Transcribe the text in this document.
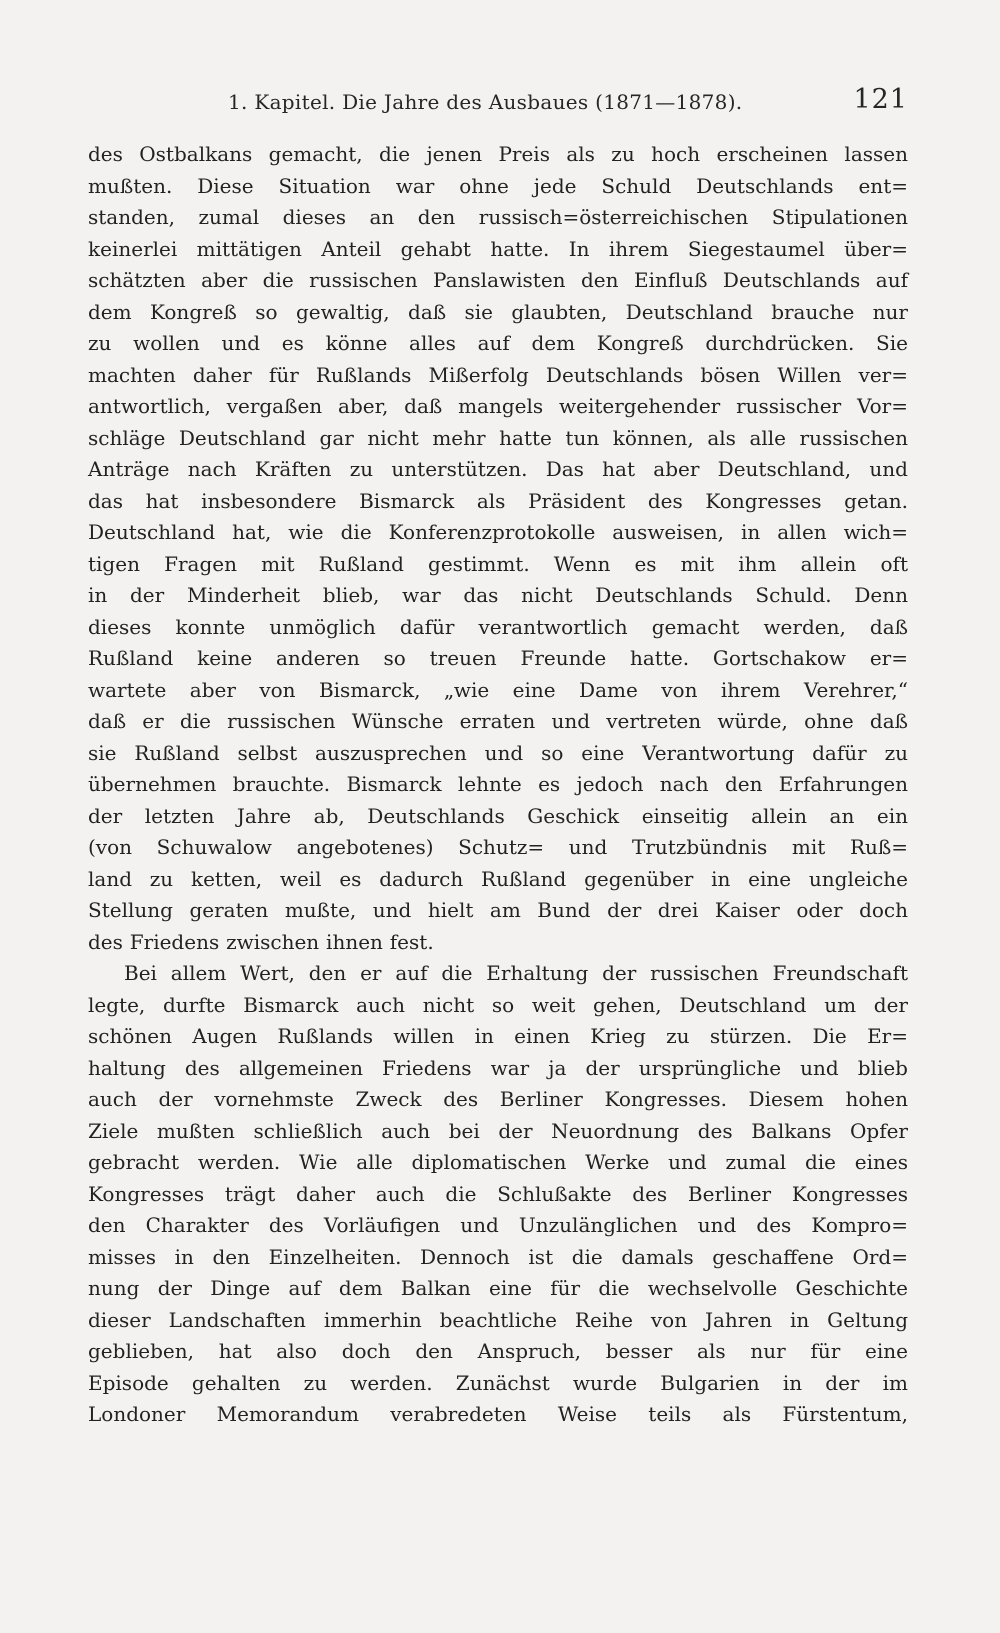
1. Kapitel. Die Jahre des Ausbaues (1871—1878).	121
des Ostbalkans gemacht, die jenen Preis als zu hoch erscheinen lassen
mußten. Diese Situation war ohne jede Schuld Deutschlands ent=
standen, zumal dieses an den russisch=österreichischen Stipulationen
keinerlei mittätigen Anteil gehabt hatte. In ihrem Siegestaumel über=
schätzten aber die russischen Panslawisten den Einfluß Deutschlands auf
dem Kongreß so gewaltig, daß sie glaubten, Deutschland brauche nur
zu wollen und es könne alles auf dem Kongreß durchdrücken. Sie
machten daher für Rußlands Mißerfolg Deutschlands bösen Willen ver=
antwortlich, vergaßen aber, daß mangels weitergehender russischer Vor=
schläge Deutschland gar nicht mehr hatte tun können, als alle russischen
Anträge nach Kräften zu unterstützen. Das hat aber Deutschland, und
das hat insbesondere Bismarck als Präsident des Kongresses getan.
Deutschland hat, wie die Konferenzprotokolle ausweisen, in allen wich=
tigen Fragen mit Rußland gestimmt. Wenn es mit ihm allein oft
in der Minderheit blieb, war das nicht Deutschlands Schuld. Denn
dieses konnte unmöglich dafür verantwortlich gemacht werden, daß
Rußland keine anderen so treuen Freunde hatte. Gortschakow er=
wartete aber von Bismarck, „wie eine Dame von ihrem Verehrer,“
daß er die russischen Wünsche erraten und vertreten würde, ohne daß
sie Rußland selbst auszusprechen und so eine Verantwortung dafür zu
übernehmen brauchte. Bismarck lehnte es jedoch nach den Erfahrungen
der letzten Jahre ab, Deutschlands Geschick einseitig allein an ein
(von Schuwalow angebotenes) Schutz= und Trutzbündnis mit Ruß=
land zu ketten, weil es dadurch Rußland gegenüber in eine ungleiche
Stellung geraten mußte, und hielt am Bund der drei Kaiser oder doch
des Friedens zwischen ihnen fest.
Bei allem Wert, den er auf die Erhaltung der russischen Freundschaft
legte, durfte Bismarck auch nicht so weit gehen, Deutschland um der
schönen Augen Rußlands willen in einen Krieg zu stürzen. Die Er=
haltung des allgemeinen Friedens war ja der ursprüngliche und blieb
auch der vornehmste Zweck des Berliner Kongresses. Diesem hohen
Ziele mußten schließlich auch bei der Neuordnung des Balkans Opfer
gebracht werden. Wie alle diplomatischen Werke und zumal die eines
Kongresses trägt daher auch die Schlußakte des Berliner Kongresses
den Charakter des Vorläufigen und Unzulänglichen und des Kompro=
misses in den Einzelheiten. Dennoch ist die damals geschaffene Ord=
nung der Dinge auf dem Balkan eine für die wechselvolle Geschichte
dieser Landschaften immerhin beachtliche Reihe von Jahren in Geltung
geblieben, hat also doch den Anspruch, besser als nur für eine
Episode gehalten zu werden. Zunächst wurde Bulgarien in der im
Londoner Memorandum verabredeten Weise teils als Fürstentum,
